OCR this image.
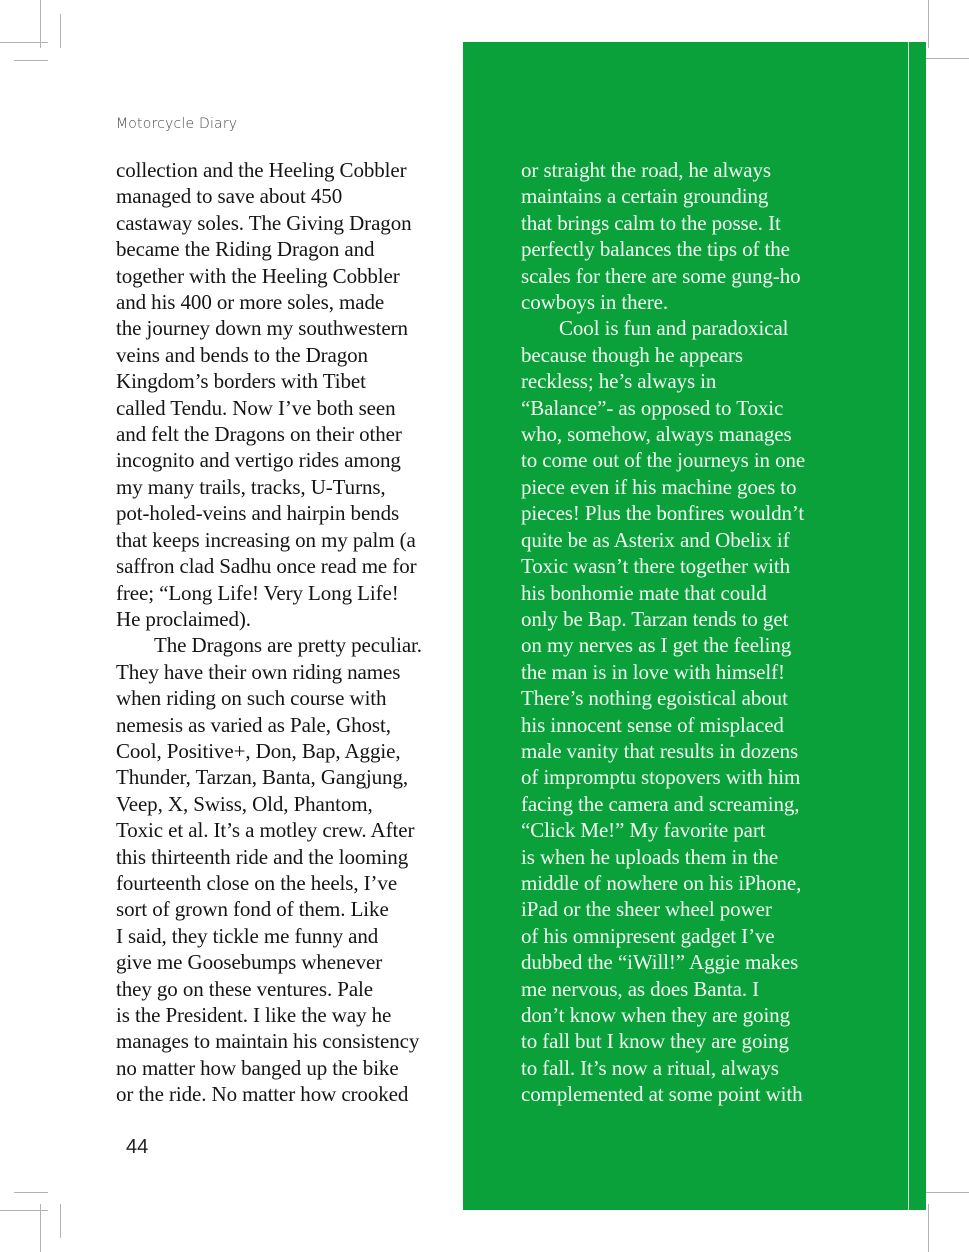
Motorcycle Diary
collection and the Heeling Cobbler
managed to save about 450
castaway soles. The Giving Dragon
became the Riding Dragon and
together with the Heeling Cobbler
and his 400 or more soles, made
the journey down my southwestern
veins and bends to the Dragon
Kingdom’s borders with Tibet
called Tendu. Now I’ve both seen
and felt the Dragons on their other
incognito and vertigo rides among
my many trails, tracks, U-Turns,
pot-holed-veins and hairpin bends
that keeps increasing on my palm (a
saffron clad Sadhu once read me for
free; “Long Life! Very Long Life!
He proclaimed).
The Dragons are pretty peculiar.
They have their own riding names
when riding on such course with
nemesis as varied as Pale, Ghost,
Cool, Positive+, Don, Bap, Aggie,
Thunder, Tarzan, Banta, Gangjung,
Veep, X, Swiss, Old, Phantom,
Toxic et al. It’s a motley crew. After
this thirteenth ride and the looming
fourteenth close on the heels, I’ve
sort of grown fond of them. Like
I said, they tickle me funny and
give me Goosebumps whenever
they go on these ventures. Pale
is the President. I like the way he
manages to maintain his consistency
no matter how banged up the bike
or the ride. No matter how crooked
44
or straight the road, he always
maintains a certain grounding
that brings calm to the posse. It
perfectly balances the tips of the
scales for there are some gung-ho
cowboys in there.
Cool is fun and paradoxical
because though he appears
reckless; he’s always in
“Balance”- as opposed to Toxic
who, somehow, always manages
to come out of the journeys in one
piece even if his machine goes to
pieces! Plus the bonfires wouldn’t
quite be as Asterix and Obelix if
Toxic wasn’t there together with
his bonhomie mate that could
only be Bap. Tarzan tends to get
on my nerves as I get the feeling
the man is in love with himself!
There’s nothing egoistical about
his innocent sense of misplaced
male vanity that results in dozens
of impromptu stopovers with him
facing the camera and screaming,
“Click Me!” My favorite part
is when he uploads them in the
middle of nowhere on his iPhone,
iPad or the sheer wheel power
of his omnipresent gadget I’ve
dubbed the “iWill!” Aggie makes
me nervous, as does Banta. I
don’t know when they are going
to fall but I know they are going
to fall. It’s now a ritual, always
complemented at some point with
